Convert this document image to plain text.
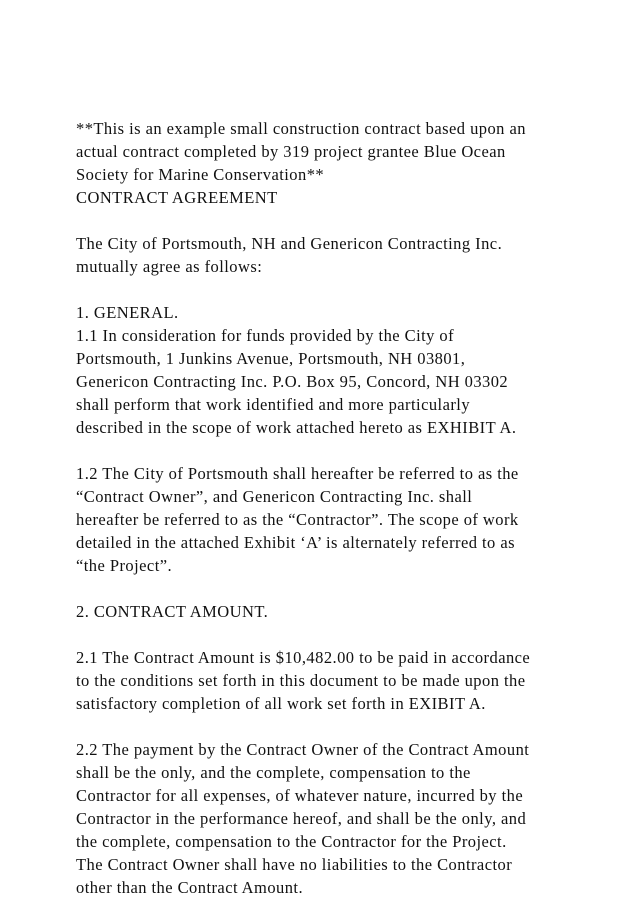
**This is an example small construction contract based upon an
actual contract completed by 319 project grantee Blue Ocean
Society for Marine Conservation**
CONTRACT AGREEMENT
The City of Portsmouth, NH and Genericon Contracting Inc.
mutually agree as follows:
1. GENERAL.
1.1 In consideration for funds provided by the City of
Portsmouth, 1 Junkins Avenue, Portsmouth, NH 03801,
Genericon Contracting Inc. P.O. Box 95, Concord, NH 03302
shall perform that work identified and more particularly
described in the scope of work attached hereto as EXHIBIT A.
1.2 The City of Portsmouth shall hereafter be referred to as the
“Contract Owner”, and Genericon Contracting Inc. shall
hereafter be referred to as the “Contractor”. The scope of work
detailed in the attached Exhibit ‘A’ is alternately referred to as
“the Project”.
2. CONTRACT AMOUNT.
2.1 The Contract Amount is $10,482.00 to be paid in accordance
to the conditions set forth in this document to be made upon the
satisfactory completion of all work set forth in EXIBIT A.
2.2 The payment by the Contract Owner of the Contract Amount
shall be the only, and the complete, compensation to the
Contractor for all expenses, of whatever nature, incurred by the
Contractor in the performance hereof, and shall be the only, and
the complete, compensation to the Contractor for the Project.
The Contract Owner shall have no liabilities to the Contractor
other than the Contract Amount.
